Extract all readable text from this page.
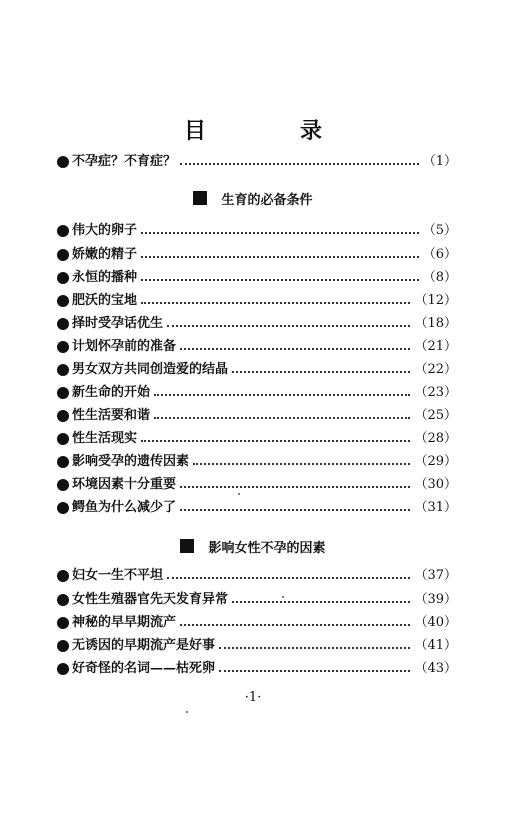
目　录
不孕症？不育症？	（1）
生育的必备条件
伟大的卵子	（5）
娇嫩的精子	（6）
永恒的播种	（8）
肥沃的宝地	（12）
择时受孕话优生	（18）
计划怀孕前的准备	（21）
男女双方共同创造爱的结晶	（22）
新生命的开始	（23）
性生活要和谐	（25）
性生活现实	（28）
影响受孕的遗传因素	（29）
环境因素十分重要	（30）
鳄鱼为什么减少了	（31）
影响女性不孕的因素
妇女一生不平坦	（37）
女性生殖器官先天发育异常	（39）
神秘的早早期流产	（40）
无诱因的早期流产是好事	（41）
好奇怪的名词——枯死卵	（43）
·1·
